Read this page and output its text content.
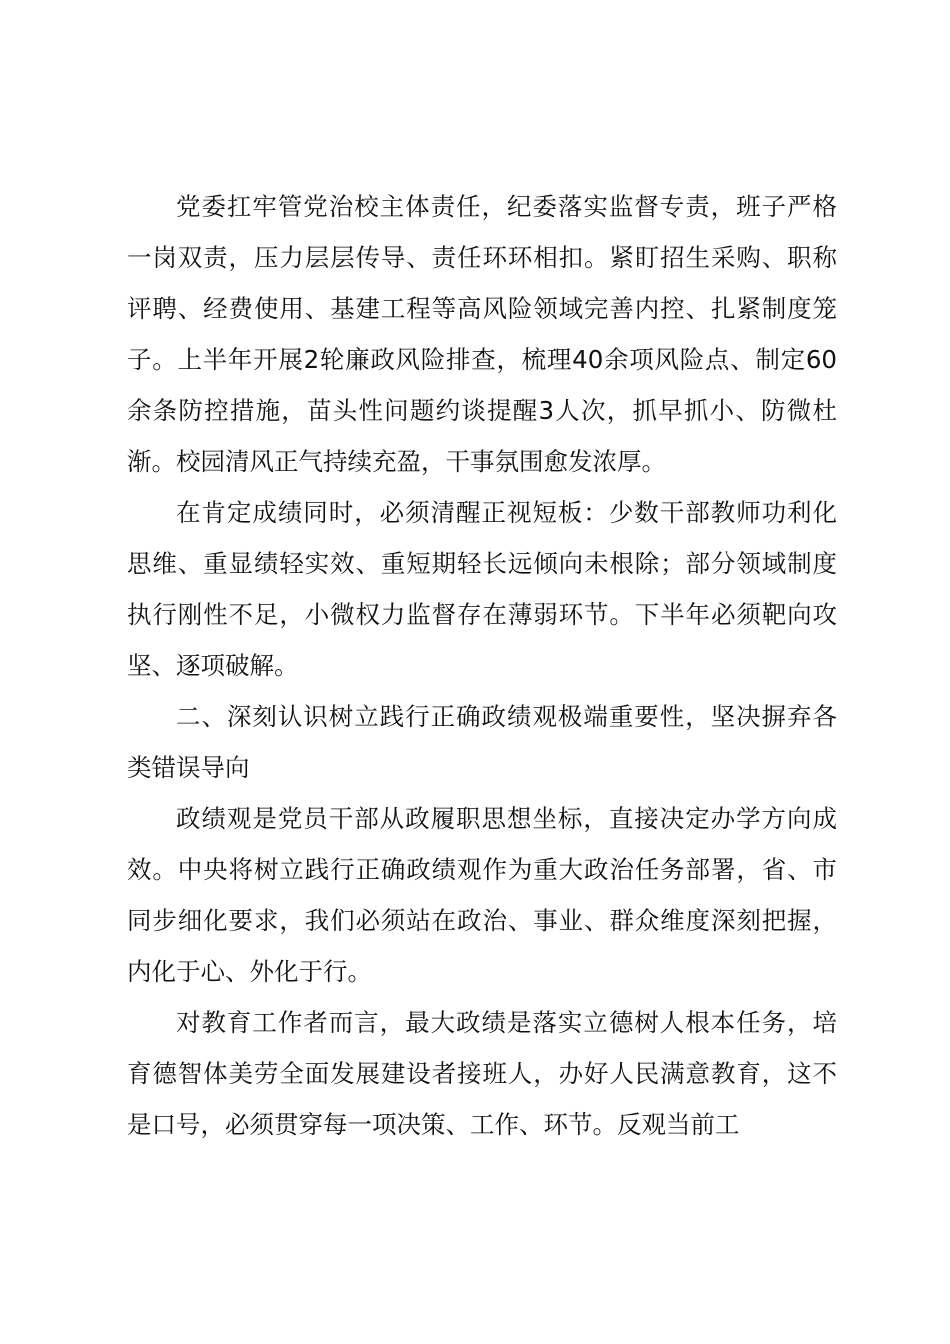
党委扛牢管党治校主体责任，纪委落实监督专责，班子严格一岗双责，压力层层传导、责任环环相扣。紧盯招生采购、职称评聘、经费使用、基建工程等高风险领域完善内控、扎紧制度笼子。上半年开展2轮廉政风险排查，梳理40余项风险点、制定60余条防控措施，苗头性问题约谈提醒3人次，抓早抓小、防微杜渐。校园清风正气持续充盈，干事氛围愈发浓厚。

在肯定成绩同时，必须清醒正视短板：少数干部教师功利化思维、重显绩轻实效、重短期轻长远倾向未根除；部分领域制度执行刚性不足，小微权力监督存在薄弱环节。下半年必须靶向攻坚、逐项破解。

二、深刻认识树立践行正确政绩观极端重要性，坚决摒弃各类错误导向

政绩观是党员干部从政履职思想坐标，直接决定办学方向成效。中央将树立践行正确政绩观作为重大政治任务部署，省、市同步细化要求，我们必须站在政治、事业、群众维度深刻把握，内化于心、外化于行。

对教育工作者而言，最大政绩是落实立德树人根本任务，培育德智体美劳全面发展建设者接班人，办好人民满意教育，这不是口号，必须贯穿每一项决策、工作、环节。反观当前工
